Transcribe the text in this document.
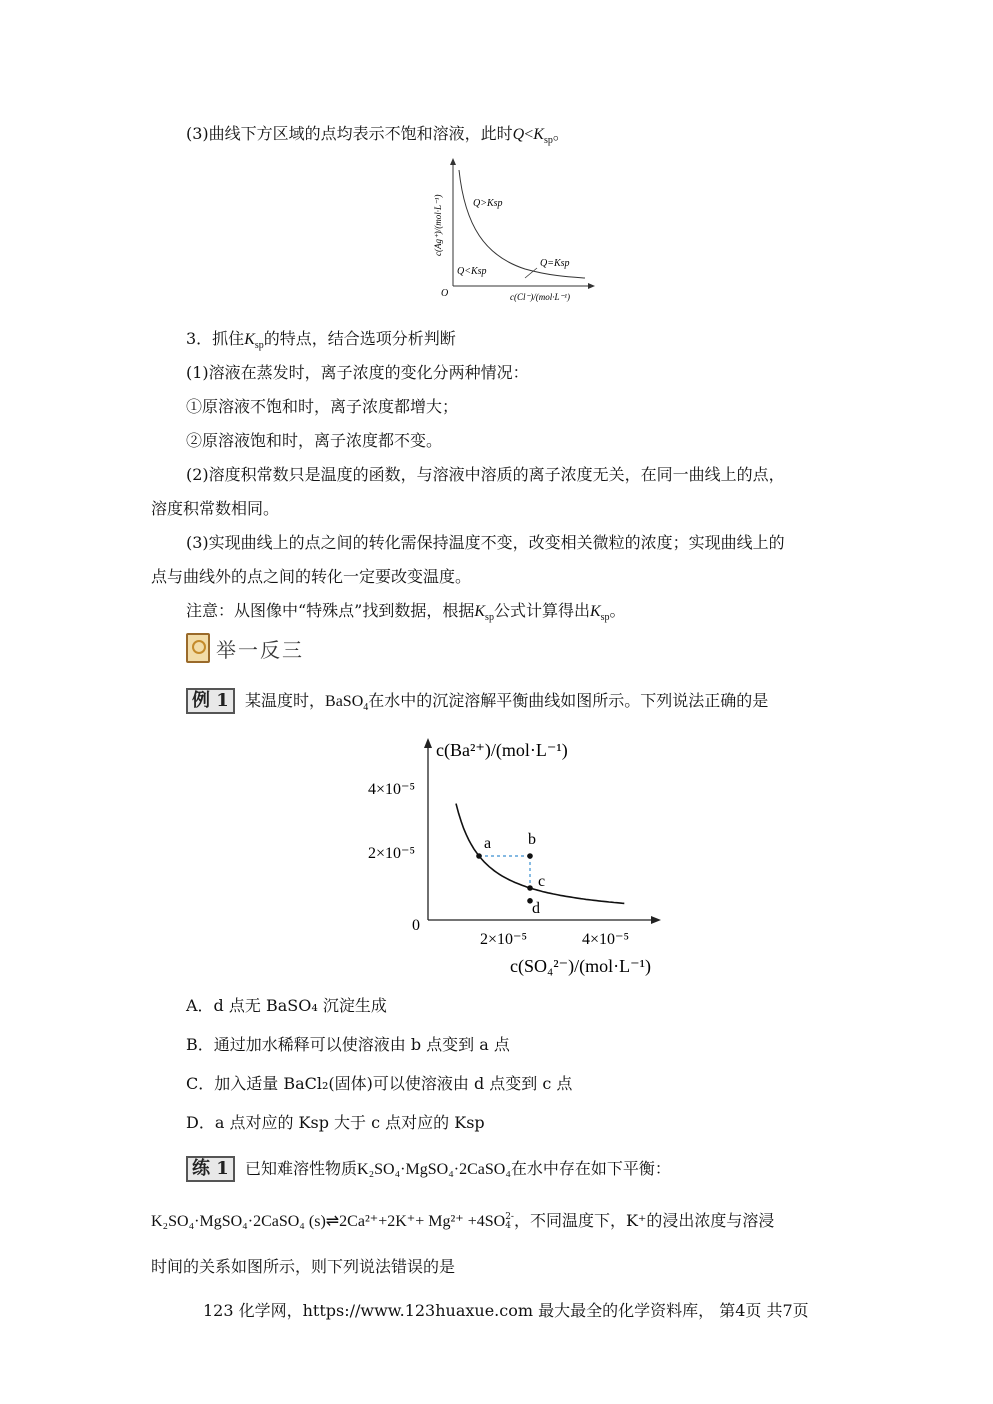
(3)曲线下方区域的点均表示不饱和溶液，此时$Q<K_{sp}$。
c(Ag⁺)/(mol·L⁻¹)	Q>Ksp
Q<Ksp
Q=Ksp
O	c(Cl⁻)/(mol·L⁻¹)
3．抓住$K_{sp}$的特点，结合选项分析判断
(1)溶液在蒸发时，离子浓度的变化分两种情况：
①原溶液不饱和时，离子浓度都增大；
②原溶液饱和时，离子浓度都不变。
(2)溶度积常数只是温度的函数，与溶液中溶质的离子浓度无关，在同一曲线上的点，
溶度积常数相同。
(3)实现曲线上的点之间的转化需保持温度不变，改变相关微粒的浓度；实现曲线上的
点与曲线外的点之间的转化一定要改变温度。
注意：从图像中“特殊点”找到数据，根据$K_{sp}$公式计算得出$K_{sp}$。
举一反三
例 1	某温度时，BaSO$_4$在水中的沉淀溶解平衡曲线如图所示。下列说法正确的是
c(Ba²⁺)/(mol·L⁻¹)
c(SO₄²⁻)/(mol·L⁻¹)
4×10⁻⁵
2×10⁻⁵
0
2×10⁻⁵	4×10⁻⁵
a b
c
d
A．d 点无 BaSO₄ 沉淀生成
B．通过加水稀释可以使溶液由 b 点变到 a 点
C．加入适量 BaCl₂(固体)可以使溶液由 d 点变到 c 点
D．a 点对应的 Ksp 大于 c 点对应的 Ksp
练 1	已知难溶性物质K₂SO₄·MgSO₄·2CaSO₄在水中存在如下平衡：
K₂SO₄·MgSO₄·2CaSO₄ (s)⇌2Ca²⁺+2K⁺+ Mg²⁺ +4SO 2-
4 ，不同温度下，K⁺的浸出浓度与溶浸
时间的关系如图所示，则下列说法错误的是
123 化学网，https://www.123huaxue.com 最大最全的化学资料库， 第4页 共7页
